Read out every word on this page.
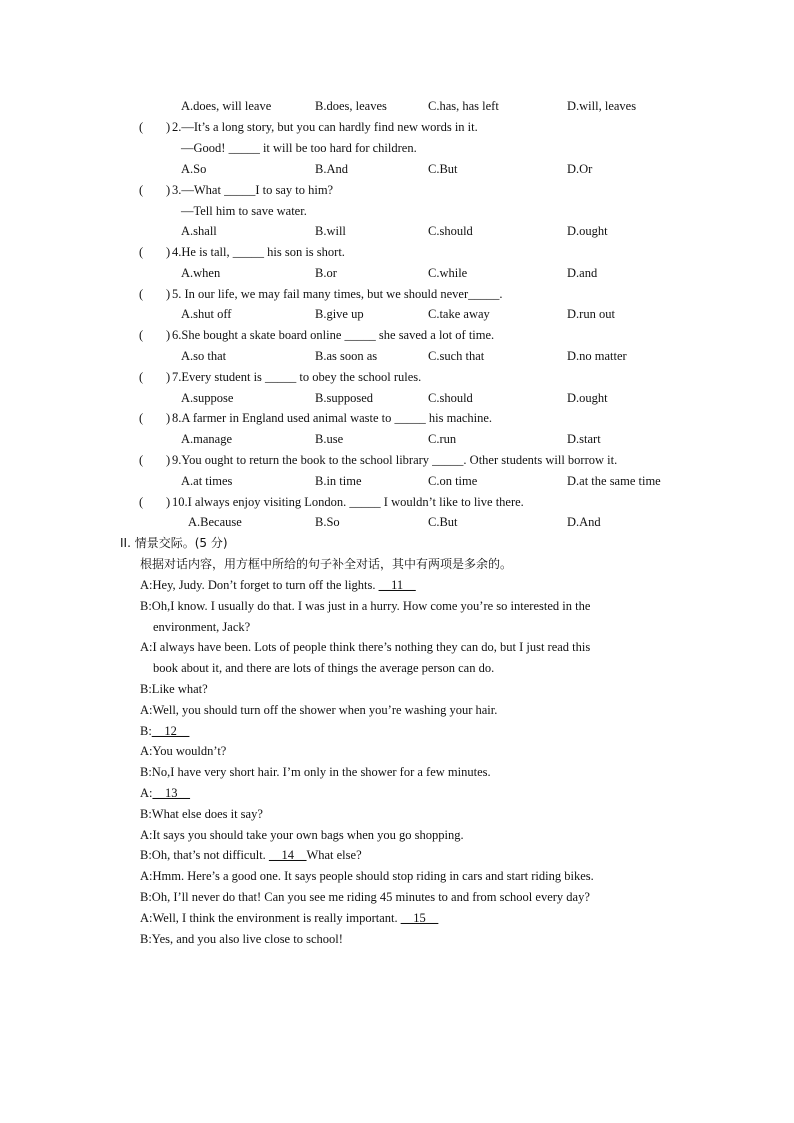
A.does, will leave	B.does, leaves	C.has, has left	D.will, leaves
( ) 2.—It’s a long story, but you can hardly find new words in it.
—Good! _____ it will be too hard for children.
A.So	B.And	C.But	D.Or
( ) 3.—What _____I to say to him?
—Tell him to save water.
A.shall	B.will	C.should	D.ought
( ) 4.He is tall, _____ his son is short.
A.when	B.or	C.while	D.and
( ) 5. In our life, we may fail many times, but we should never_____.
A.shut off	B.give up	C.take away	D.run out
( ) 6.She bought a skate board online _____ she saved a lot of time.
A.so that	B.as soon as	C.such that	D.no matter
( ) 7.Every student is _____ to obey the school rules.
A.suppose	B.supposed	C.should	D.ought
( ) 8.A farmer in England used animal waste to _____ his machine.
A.manage	B.use	C.run	D.start
( ) 9.You ought to return the book to the school library _____. Other students will borrow it.
A.at times	B.in time	C.on time	D.at the same time
( ) 10.I always enjoy visiting London. _____ I wouldn’t like to live there.
A.Because	B.So	C.But	D.And
II. 情景交际。(5 分)
根据对话内容，用方框中所给的句子补全对话，其中有两项是多余的。
A:Hey, Judy. Don’t forget to turn off the lights. __11__
B:Oh,I know. I usually do that. I was just in a hurry. How come you’re so interested in the
environment, Jack?
A:I always have been. Lots of people think there’s nothing they can do, but I just read this
book about it, and there are lots of things the average person can do.
B:Like what?
A:Well, you should turn off the shower when you’re washing your hair.
B:__12__
A:You wouldn’t?
B:No,I have very short hair. I’m only in the shower for a few minutes.
A:__13__
B:What else does it say?
A:It says you should take your own bags when you go shopping.
B:Oh, that’s not difficult. __14__What else?
A:Hmm. Here’s a good one. It says people should stop riding in cars and start riding bikes.
B:Oh, I’ll never do that! Can you see me riding 45 minutes to and from school every day?
A:Well, I think the environment is really important. __15__
B:Yes, and you also live close to school!
